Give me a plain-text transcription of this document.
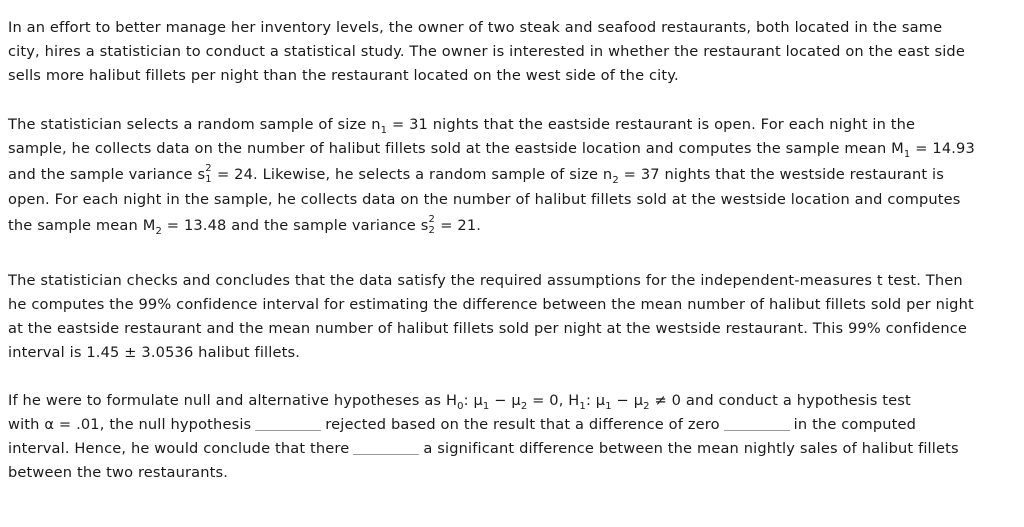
In an effort to better manage her inventory levels, the owner of two steak and seafood restaurants, both located in the same
city, hires a statistician to conduct a statistical study. The owner is interested in whether the restaurant located on the east side
sells more halibut fillets per night than the restaurant located on the west side of the city.

The statistician selects a random sample of size $n_1 = 31$ nights that the eastside restaurant is open. For each night in the
sample, he collects data on the number of halibut fillets sold at the eastside location and computes the sample mean $M_1 = 14.93$
and the sample variance s 2
1 = 24. Likewise, he selects a random sample of size $n_2 = 37$ nights that the westside restaurant is
open. For each night in the sample, he collects data on the number of halibut fillets sold at the westside location and computes
the sample mean $M_2 = 13.48$ and the sample variance s 2
2 = 21.

The statistician checks and concludes that the data satisfy the required assumptions for the independent-measures t test. Then
he computes the 99% confidence interval for estimating the difference between the mean number of halibut fillets sold per night
at the eastside restaurant and the mean number of halibut fillets sold per night at the westside restaurant. This 99% confidence
interval is 1.45 ± 3.0536 halibut fillets.

If he were to formulate null and alternative hypotheses as $H_0$: $\mu_1 - \mu_2 = 0$, $H_1$: $\mu_1 - \mu_2 \ne 0$ and conduct a hypothesis test
with α = .01, the null hypothesis	rejected based on the result that a difference of zero	in the computed
interval. Hence, he would conclude that there	a significant difference between the mean nightly sales of halibut fillets
between the two restaurants.
